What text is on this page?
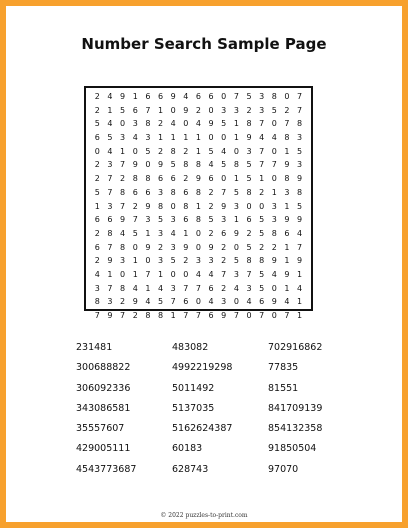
Number Search Sample Page
2 4 9 1 6 6 9 4 6 6 0 7 5 3 8 0 7
2 1 5 6 7 1 0 9 2 0 3 3 2 3 5 2 7
5 4 0 3 8 2 4 0 4 9 5 1 8 7 0 7 8
6 5 3 4 3 1 1 1 1 0 0 1 9 4 4 8 3
0 4 1 0 5 2 8 2 1 5 4 0 3 7 0 1 5
2 3 7 9 0 9 5 8 8 4 5 8 5 7 7 9 3
2 7 2 8 8 6 6 2 9 6 0 1 5 1 0 8 9
5 7 8 6 6 3 8 6 8 2 7 5 8 2 1 3 8
1 3 7 2 9 8 0 8 1 2 9 3 0 0 3 1 5
6 6 9 7 3 5 3 6 8 5 3 1 6 5 3 9 9
2 8 4 5 1 3 4 1 0 2 6 9 2 5 8 6 4
6 7 8 0 9 2 3 9 0 9 2 0 5 2 2 1 7
2 9 3 1 0 3 5 2 3 3 2 5 8 8 9 1 9
4 1 0 1 7 1 0 0 4 4 7 3 7 5 4 9 1
3 7 8 4 1 4 3 7 7 6 2 4 3 5 0 1 4
8 3 2 9 4 5 7 6 0 4 3 0 4 6 9 4 1
7 9 7 2 8 8 1 7 7 6 9 7 0 7 0 7 1
231481	483082	702916862
300688822	4992219298	77835
306092336	5011492	81551
343086581	5137035	841709139
35557607	5162624387	854132358
429005111	60183	91850504
4543773687	628743	97070
© 2022 puzzles-to-print.com
